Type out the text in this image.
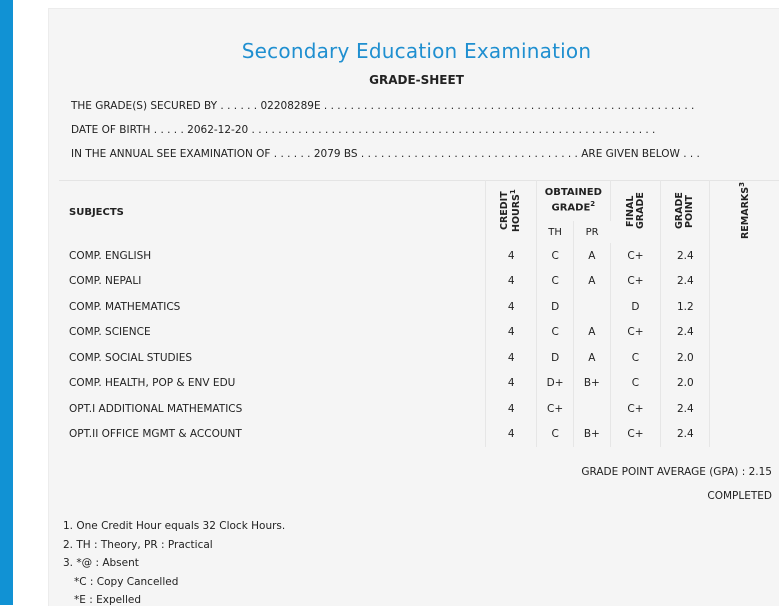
Secondary Education Examination
GRADE-SHEET
THE GRADE(S) SECURED BY . . . . . . 02208289E . . . . . . . . . . . . . . . . . . . . . . . . . . . . . . . . . . . . . . . . . . . . . . . . . . . . . . . .
DATE OF BIRTH . . . . . 2062-12-20 . . . . . . . . . . . . . . . . . . . . . . . . . . . . . . . . . . . . . . . . . . . . . . . . . . . . . . . . . . . . .
IN THE ANNUAL SEE EXAMINATION OF . . . . . . 2079 BS . . . . . . . . . . . . . . . . . . . . . . . . . . . . . . . . . ARE GIVEN BELOW . . .
SUBJECTS	CREDIT HOURS$^1$	OBTAINED GRADE$^2$		FINAL GRADE	GRADE POINT	REMARKS$^3$
		TH	PR			
COMP. ENGLISH	4	C	A	C+	2.4	
COMP. NEPALI	4	C	A	C+	2.4	
COMP. MATHEMATICS	4	D		D	1.2	
COMP. SCIENCE	4	C	A	C+	2.4	
COMP. SOCIAL STUDIES	4	D	A	C	2.0	
COMP. HEALTH, POP & ENV EDU	4	D+	B+	C	2.0	
OPT.I ADDITIONAL MATHEMATICS	4	C+		C+	2.4	
OPT.II OFFICE MGMT & ACCOUNT	4	C	B+	C+	2.4	
GRADE POINT AVERAGE (GPA) : 2.15
COMPLETED
1. One Credit Hour equals 32 Clock Hours.
2. TH : Theory, PR : Practical
3. *@ : Absent
*C : Copy Cancelled
*E : Expelled
